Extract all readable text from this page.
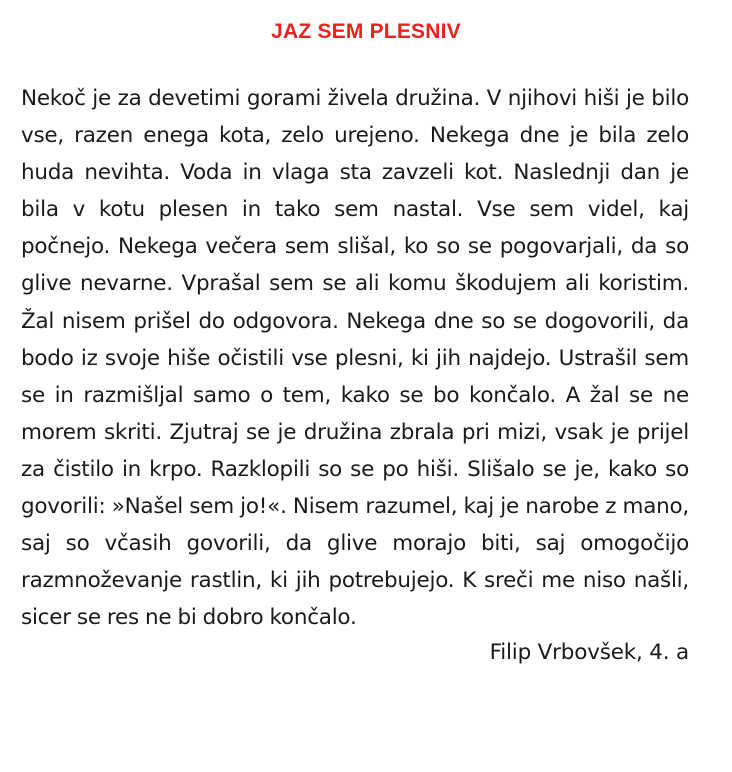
JAZ SEM PLESNIV

Nekoč je za devetimi gorami živela družina. V njihovi hiši je bilo vse, razen enega kota, zelo urejeno. Nekega dne je bila zelo huda nevihta. Voda in vlaga sta zavzeli kot. Naslednji dan je bila v kotu plesen in tako sem nastal. Vse sem videl, kaj počnejo. Nekega večera sem slišal, ko so se pogovarjali, da so glive nevarne. Vprašal sem se ali komu škodujem ali koristim. Žal nisem prišel do odgovora. Nekega dne so se dogovorili, da bodo iz svoje hiše očistili vse plesni, ki jih najdejo. Ustrašil sem se in razmišljal samo o tem, kako se bo končalo. A žal se ne morem skriti. Zjutraj se je družina zbrala pri mizi, vsak je prijel za čistilo in krpo. Razklopili so se po hiši. Slišalo se je, kako so govorili: »Našel sem jo!«. Nisem razumel, kaj je narobe z mano, saj so včasih govorili, da glive morajo biti, saj omogočijo razmnoževanje rastlin, ki jih potrebujejo. K sreči me niso našli, sicer se res ne bi dobro končalo.

Filip Vrbovšek, 4. a
